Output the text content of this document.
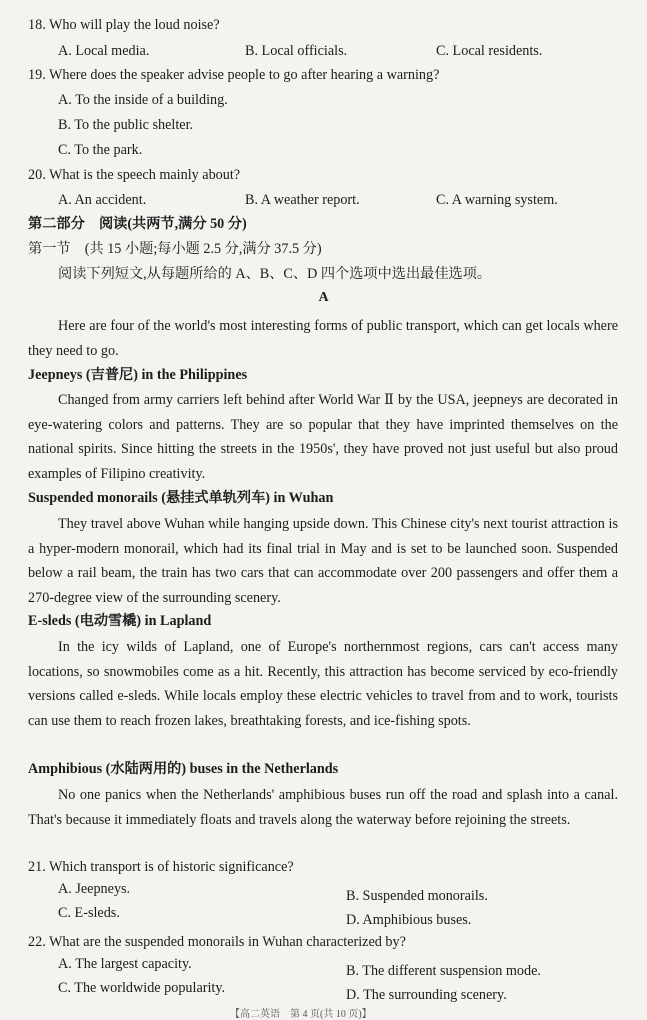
18. Who will play the loud noise?
A. Local media.	B. Local officials.	C. Local residents.
19. Where does the speaker advise people to go after hearing a warning?
A. To the inside of a building.
B. To the public shelter.
C. To the park.
20. What is the speech mainly about?
A. An accident.	B. A weather report.	C. A warning system.
第二部分　阅读(共两节,满分 50 分)
第一节　(共 15 小题;每小题 2.5 分,满分 37.5 分)
阅读下列短文,从每题所给的 A、B、C、D 四个选项中选出最佳选项。
A
Here are four of the world's most interesting forms of public transport, which can get locals where they need to go.
Jeepneys (吉普尼) in the Philippines
Changed from army carriers left behind after World War Ⅱ by the USA, jeepneys are decorated in eye-watering colors and patterns. They are so popular that they have imprinted themselves on the national spirits. Since hitting the streets in the 1950s', they have proved not just useful but also proud examples of Filipino creativity.
Suspended monorails (悬挂式单轨列车) in Wuhan
They travel above Wuhan while hanging upside down. This Chinese city's next tourist attraction is a hyper-modern monorail, which had its final trial in May and is set to be launched soon. Suspended below a rail beam, the train has two cars that can accommodate over 200 passengers and offer them a 270-degree view of the surrounding scenery.
E-sleds (电动雪橇) in Lapland
In the icy wilds of Lapland, one of Europe's northernmost regions, cars can't access many locations, so snowmobiles come as a hit. Recently, this attraction has become serviced by eco-friendly versions called e-sleds. While locals employ these electric vehicles to travel from and to work, tourists can use them to reach frozen lakes, breathtaking forests, and ice-fishing spots.
Amphibious (水陆两用的) buses in the Netherlands
No one panics when the Netherlands' amphibious buses run off the road and splash into a canal. That's because it immediately floats and travels along the waterway before rejoining the streets.
21. Which transport is of historic significance?
A. Jeepneys.	B. Suspended monorails.
C. E-sleds.	D. Amphibious buses.
22. What are the suspended monorails in Wuhan characterized by?
A. The largest capacity.	B. The different suspension mode.
C. The worldwide popularity.	D. The surrounding scenery.
【高二英语　第 4 页(共 10 页)】
